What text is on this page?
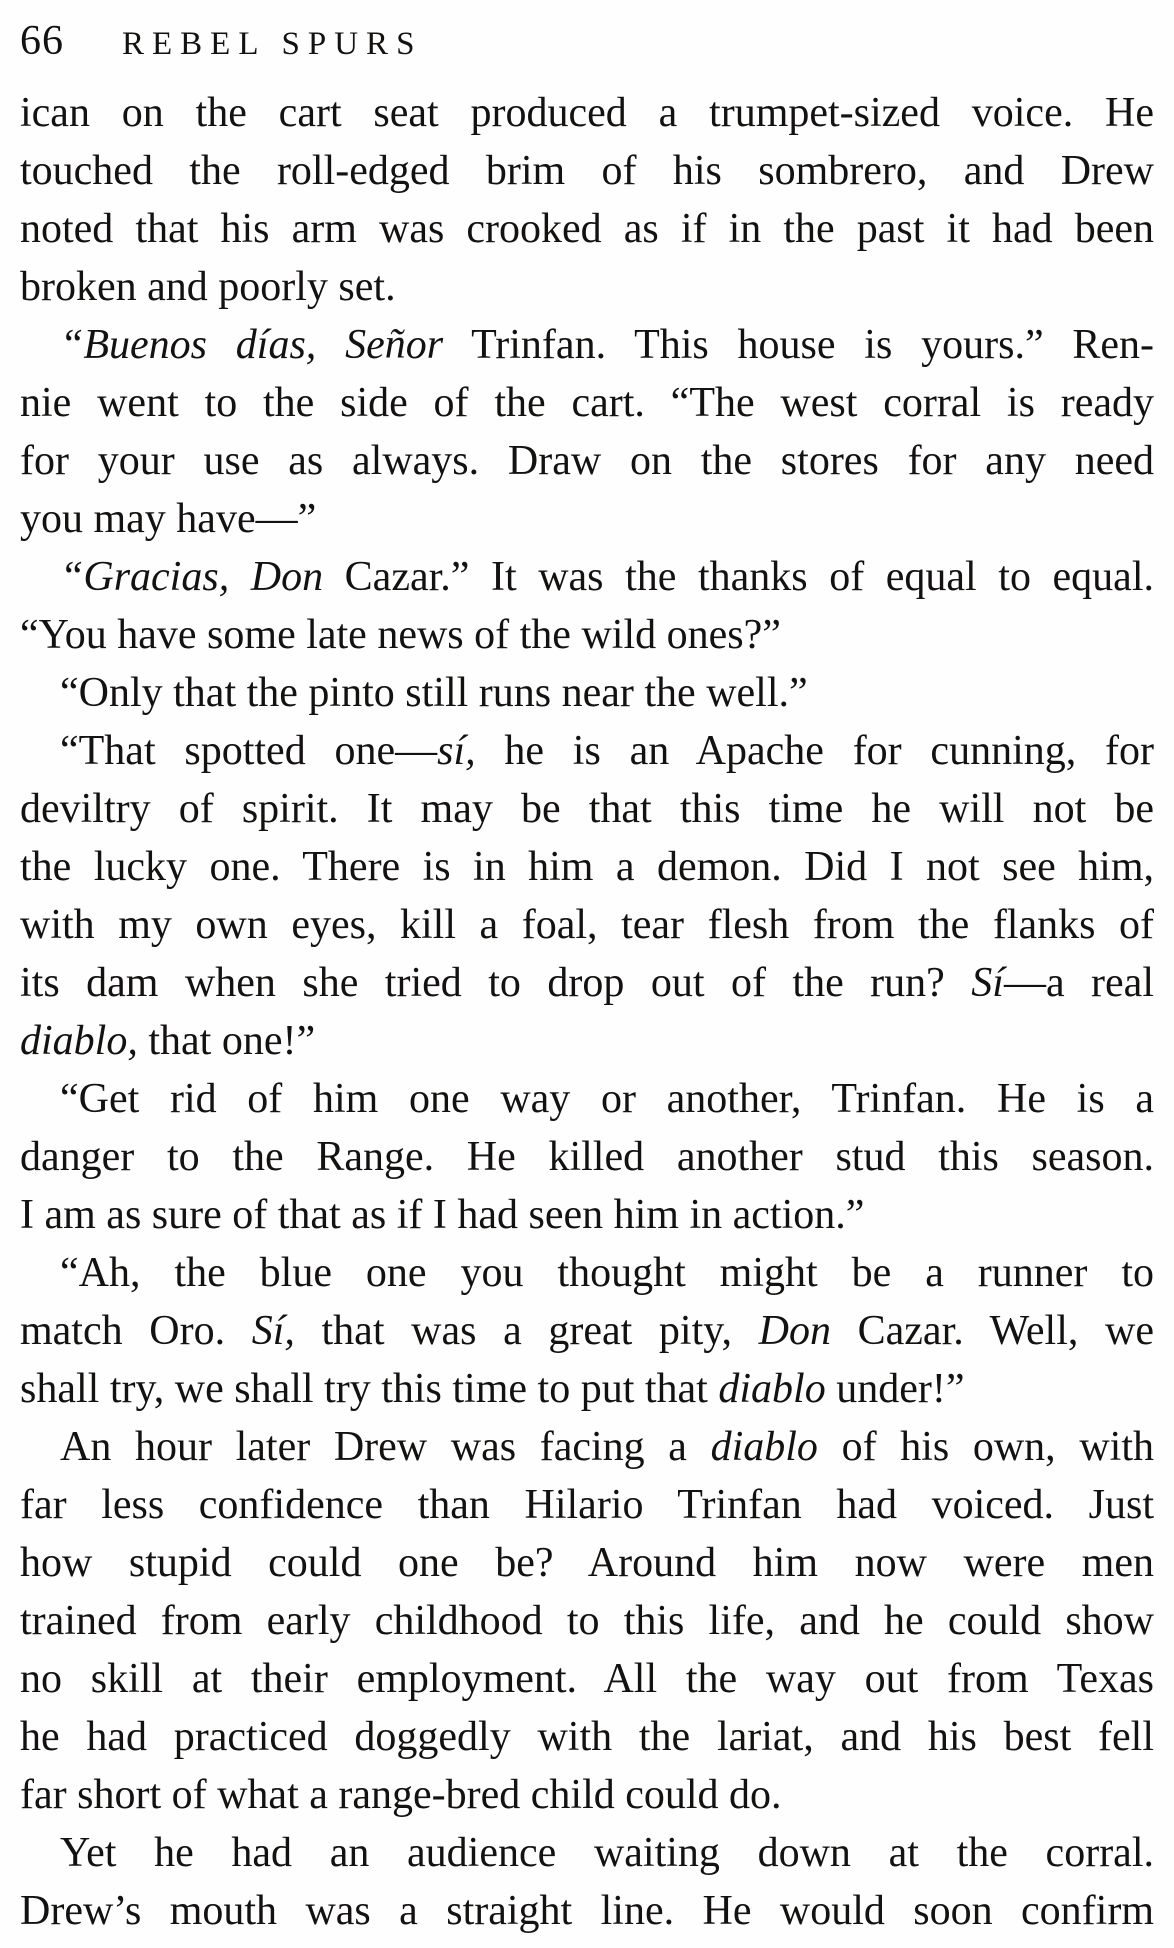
66 REBEL SPURS
ican on the cart seat produced a trumpet-sized voice. He
touched the roll-edged brim of his sombrero, and Drew
noted that his arm was crooked as if in the past it had been
broken and poorly set.
“Buenos días, Señor Trinfan. This house is yours.” Ren-
nie went to the side of the cart. “The west corral is ready
for your use as always. Draw on the stores for any need
you may have—”
“Gracias, Don Cazar.” It was the thanks of equal to equal.
“You have some late news of the wild ones?”
“Only that the pinto still runs near the well.”
“That spotted one—sí, he is an Apache for cunning, for
deviltry of spirit. It may be that this time he will not be
the lucky one. There is in him a demon. Did I not see him,
with my own eyes, kill a foal, tear flesh from the flanks of
its dam when she tried to drop out of the run? Sí—a real
diablo, that one!”
“Get rid of him one way or another, Trinfan. He is a
danger to the Range. He killed another stud this season.
I am as sure of that as if I had seen him in action.”
“Ah, the blue one you thought might be a runner to
match Oro. Sí, that was a great pity, Don Cazar. Well, we
shall try, we shall try this time to put that diablo under!”
An hour later Drew was facing a diablo of his own, with
far less confidence than Hilario Trinfan had voiced. Just
how stupid could one be? Around him now were men
trained from early childhood to this life, and he could show
no skill at their employment. All the way out from Texas
he had practiced doggedly with the lariat, and his best fell
far short of what a range-bred child could do.
Yet he had an audience waiting down at the corral.
Drew’s mouth was a straight line. He would soon confirm
